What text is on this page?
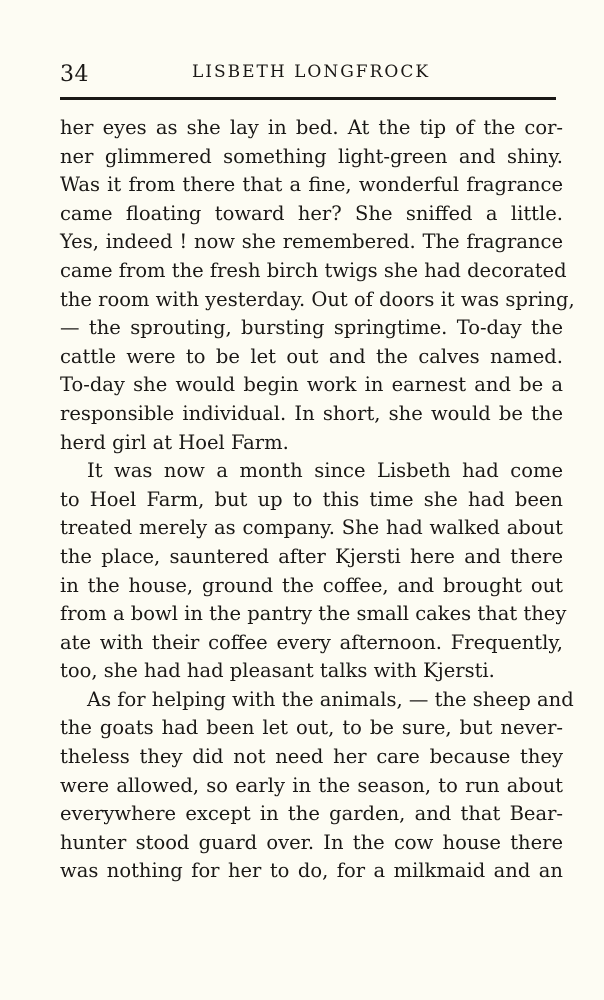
34	LISBETH LONGFROCK
her eyes as she lay in bed. At the tip of the cor-
ner glimmered something light-green and shiny.
Was it from there that a fine, wonderful fragrance
came floating toward her? She sniffed a little.
Yes, indeed ! now she remembered. The fragrance
came from the fresh birch twigs she had decorated
the room with yesterday. Out of doors it was spring,
— the sprouting, bursting springtime. To-day the
cattle were to be let out and the calves named.
To-day she would begin work in earnest and be a
responsible individual. In short, she would be the
herd girl at Hoel Farm.
It was now a month since Lisbeth had come
to Hoel Farm, but up to this time she had been
treated merely as company. She had walked about
the place, sauntered after Kjersti here and there
in the house, ground the coffee, and brought out
from a bowl in the pantry the small cakes that they
ate with their coffee every afternoon. Frequently,
too, she had had pleasant talks with Kjersti.
As for helping with the animals, — the sheep and
the goats had been let out, to be sure, but never-
theless they did not need her care because they
were allowed, so early in the season, to run about
everywhere except in the garden, and that Bear-
hunter stood guard over. In the cow house there
was nothing for her to do, for a milkmaid and an
